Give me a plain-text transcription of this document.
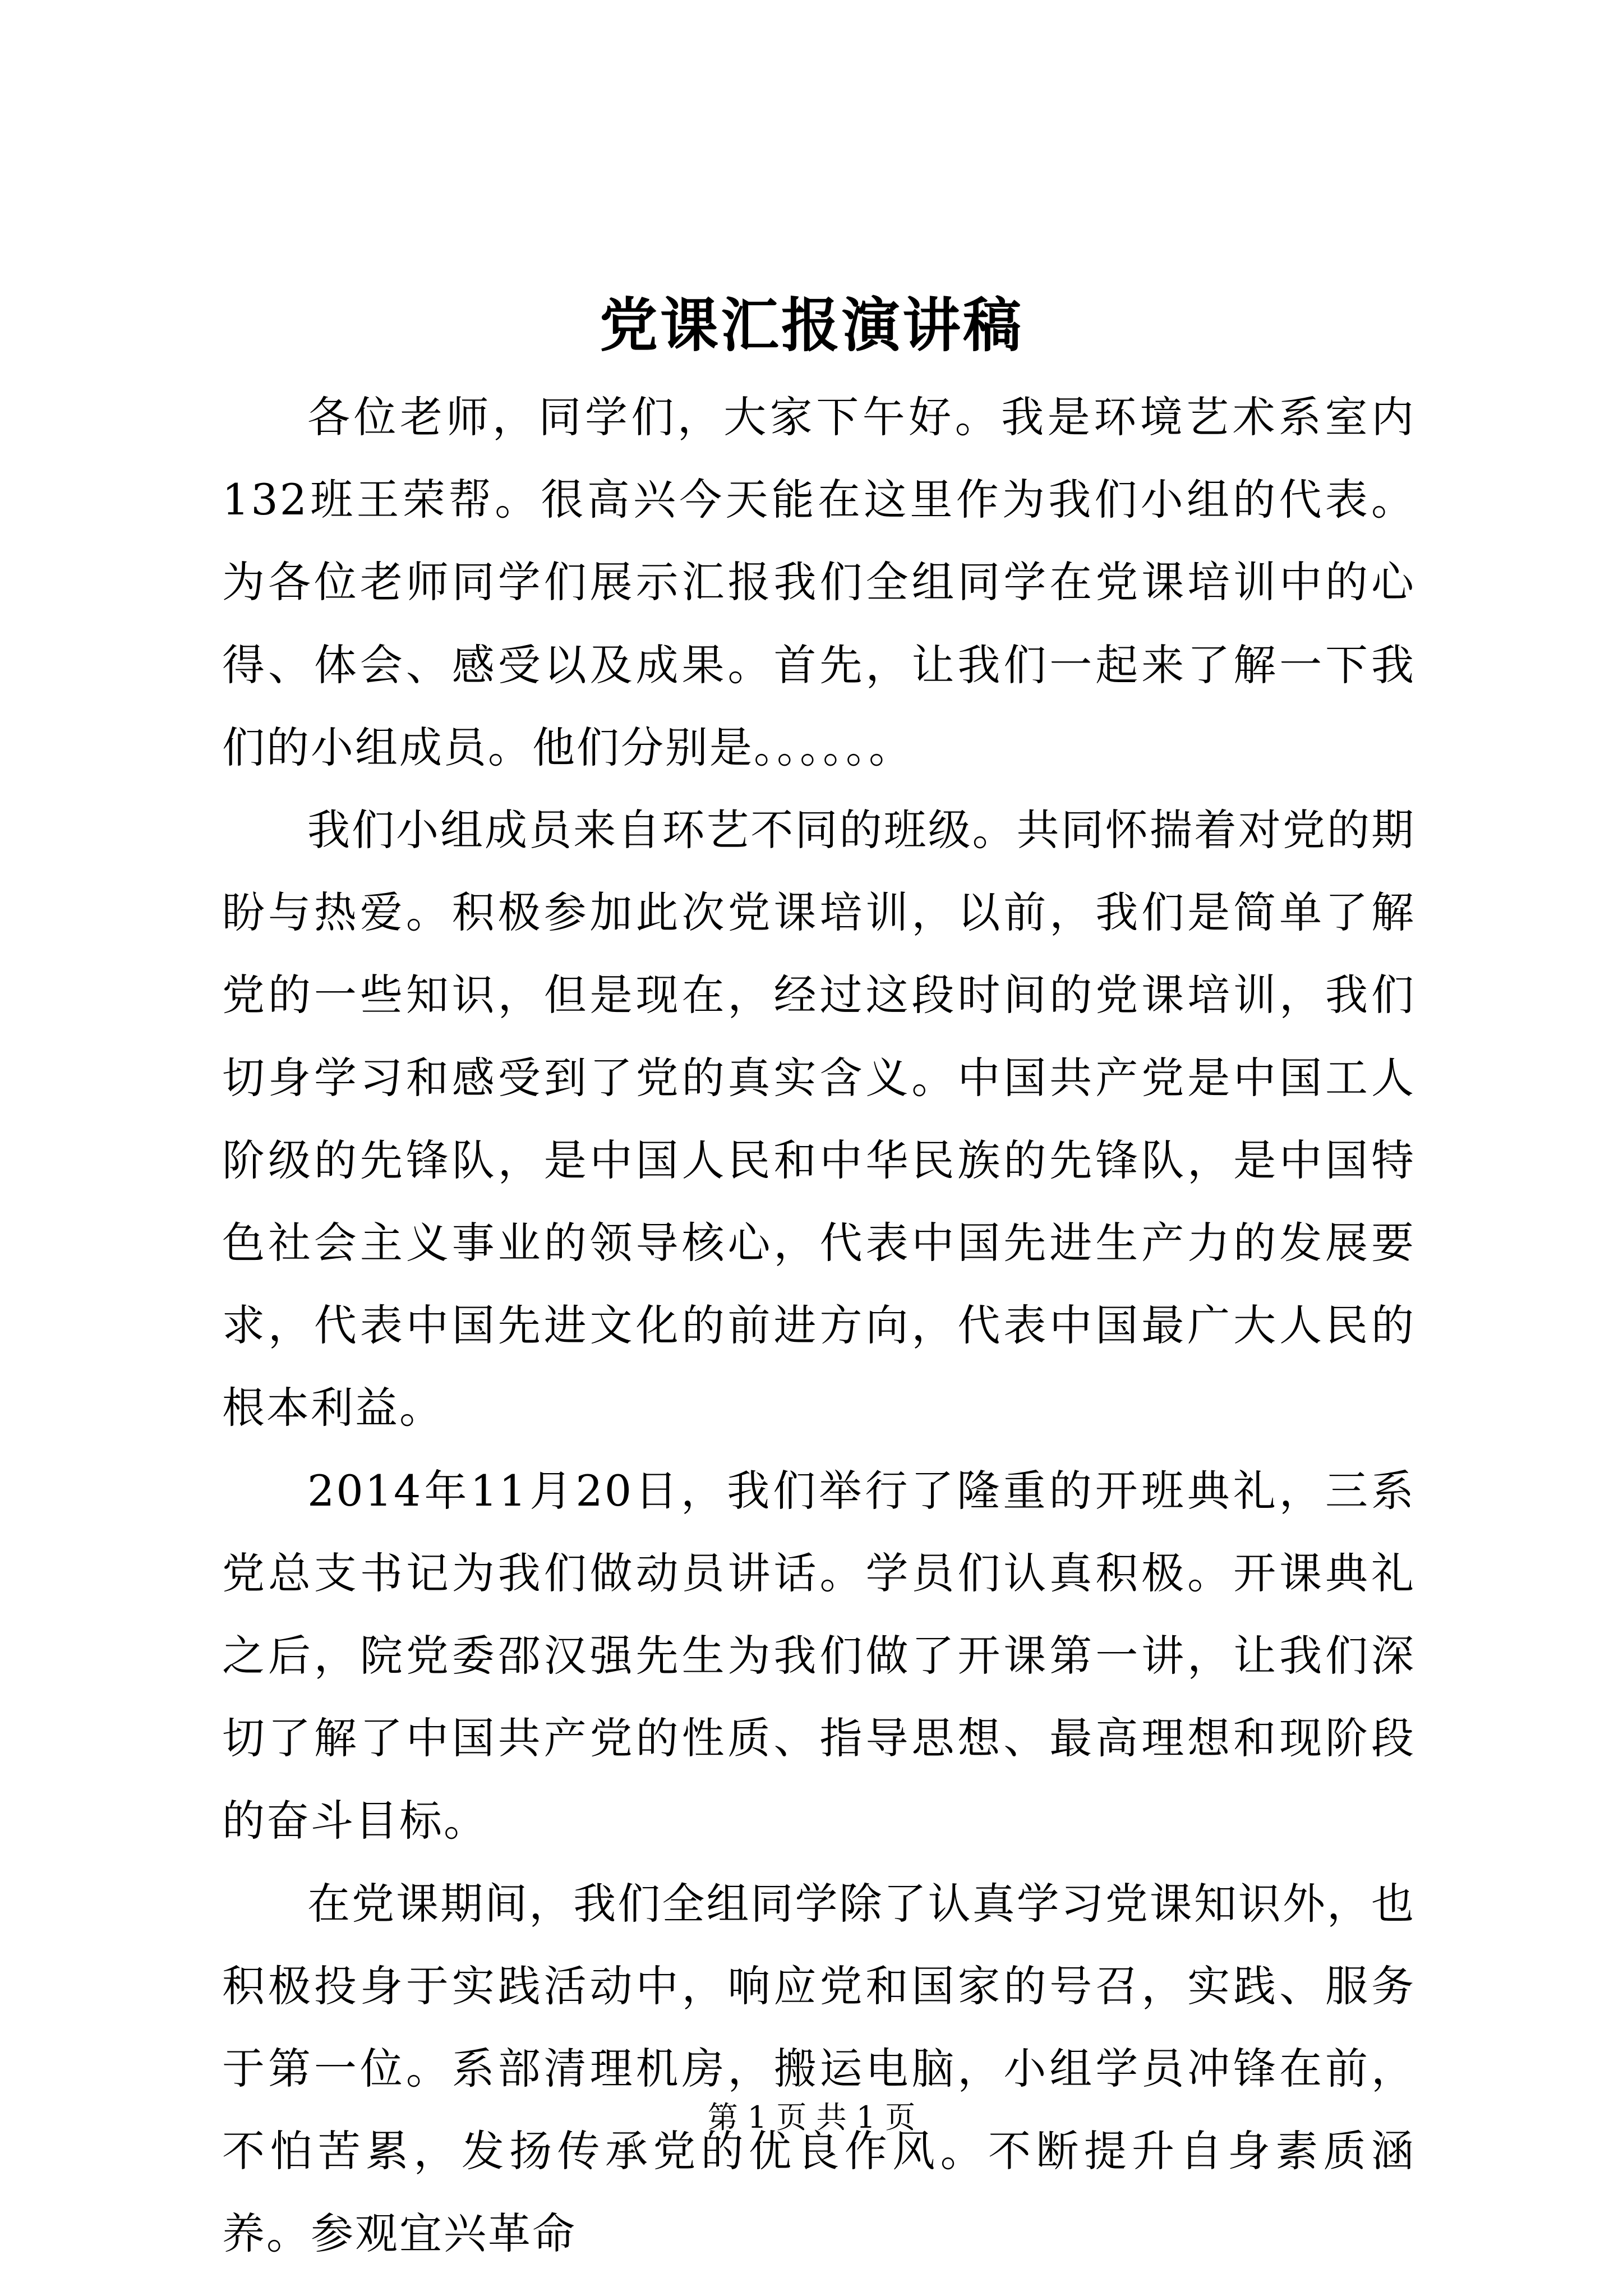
党课汇报演讲稿

各位老师，同学们，大家下午好。我是环境艺术系室内132班王荣帮。很高兴今天能在这里作为我们小组的代表。为各位老师同学们展示汇报我们全组同学在党课培训中的心得、体会、感受以及成果。首先，让我们一起来了解一下我们的小组成员。他们分别是。。。。。。

我们小组成员来自环艺不同的班级。共同怀揣着对党的期盼与热爱。积极参加此次党课培训，以前，我们是简单了解党的一些知识，但是现在，经过这段时间的党课培训，我们切身学习和感受到了党的真实含义。中国共产党是中国工人阶级的先锋队，是中国人民和中华民族的先锋队，是中国特色社会主义事业的领导核心，代表中国先进生产力的发展要求，代表中国先进文化的前进方向，代表中国最广大人民的根本利益。

2014年11月20日，我们举行了隆重的开班典礼，三系党总支书记为我们做动员讲话。学员们认真积极。开课典礼之后，院党委邵汉强先生为我们做了开课第一讲，让我们深切了解了中国共产党的性质、指导思想、最高理想和现阶段的奋斗目标。

在党课期间，我们全组同学除了认真学习党课知识外，也积极投身于实践活动中，响应党和国家的号召，实践、服务于第一位。系部清理机房，搬运电脑，小组学员冲锋在前，不怕苦累，发扬传承党的优良作风。不断提升自身素质涵养。参观宜兴革命

第 1 页 共 1 页
